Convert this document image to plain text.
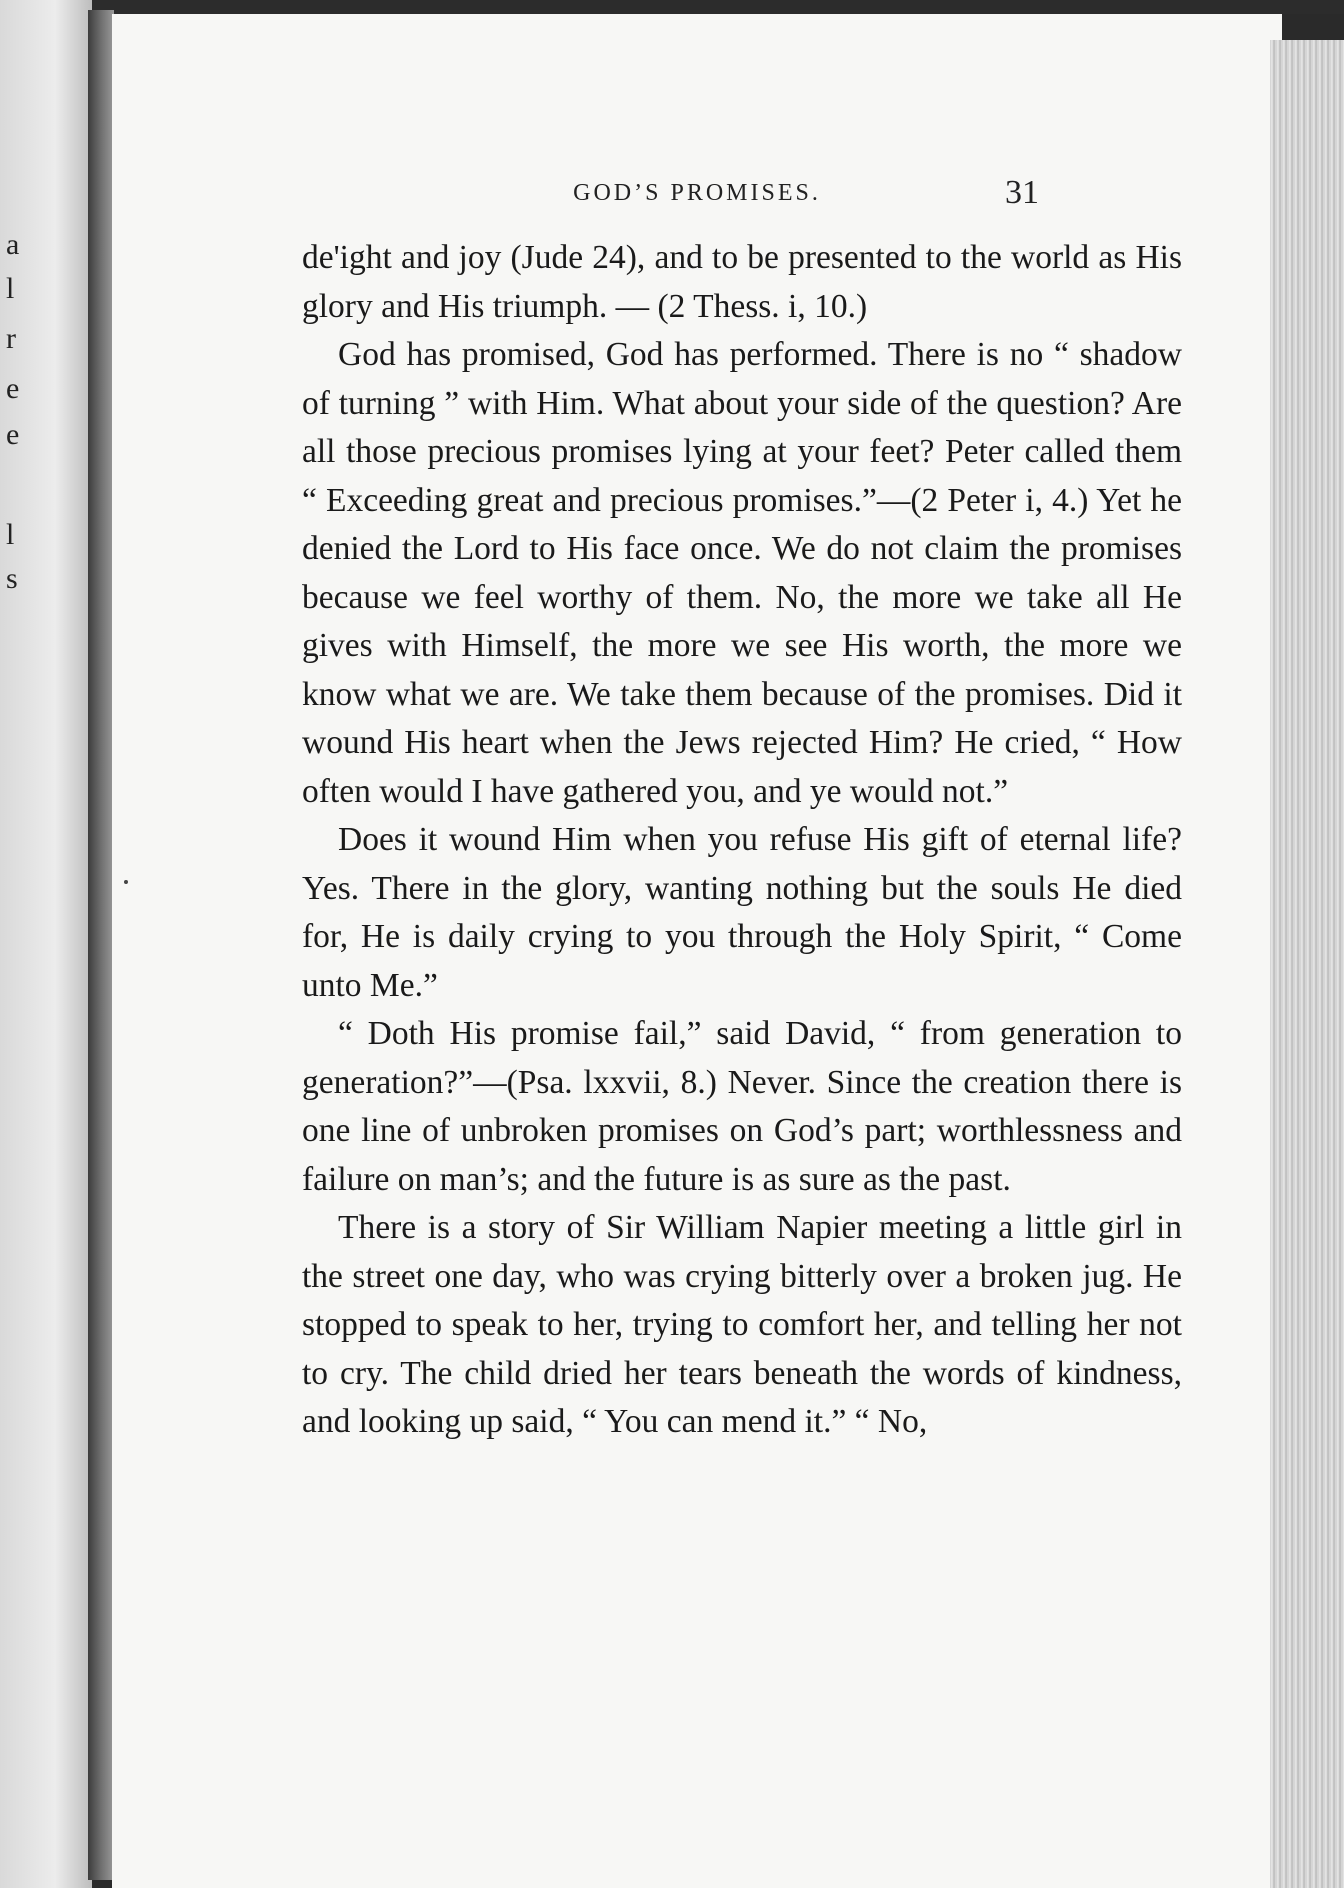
a
l
r
e
e
l
s
GOD’S PROMISES.	31

de'ight and joy (Jude 24), and to be presented to the world as His glory and His triumph. — (2 Thess. i, 10.)

God has promised, God has performed. There is no “ shadow of turning ” with Him. What about your side of the question? Are all those precious promises lying at your feet? Peter called them “ Exceeding great and precious promises.”—(2 Peter i, 4.) Yet he denied the Lord to His face once. We do not claim the promises because we feel worthy of them. No, the more we take all He gives with Himself, the more we see His worth, the more we know what we are. We take them because of the promises. Did it wound His heart when the Jews rejected Him? He cried, “ How often would I have gathered you, and ye would not.”

Does it wound Him when you refuse His gift of eternal life? Yes. There in the glory, wanting nothing but the souls He died for, He is daily crying to you through the Holy Spirit, “ Come unto Me.”

“ Doth His promise fail,” said David, “ from generation to generation?”—(Psa. lxxvii, 8.) Never. Since the creation there is one line of unbroken promises on God’s part; worthlessness and failure on man’s; and the future is as sure as the past.

There is a story of Sir William Napier meeting a little girl in the street one day, who was crying bitterly over a broken jug. He stopped to speak to her, trying to comfort her, and telling her not to cry. The child dried her tears beneath the words of kindness, and looking up said, “ You can mend it.” “ No,
